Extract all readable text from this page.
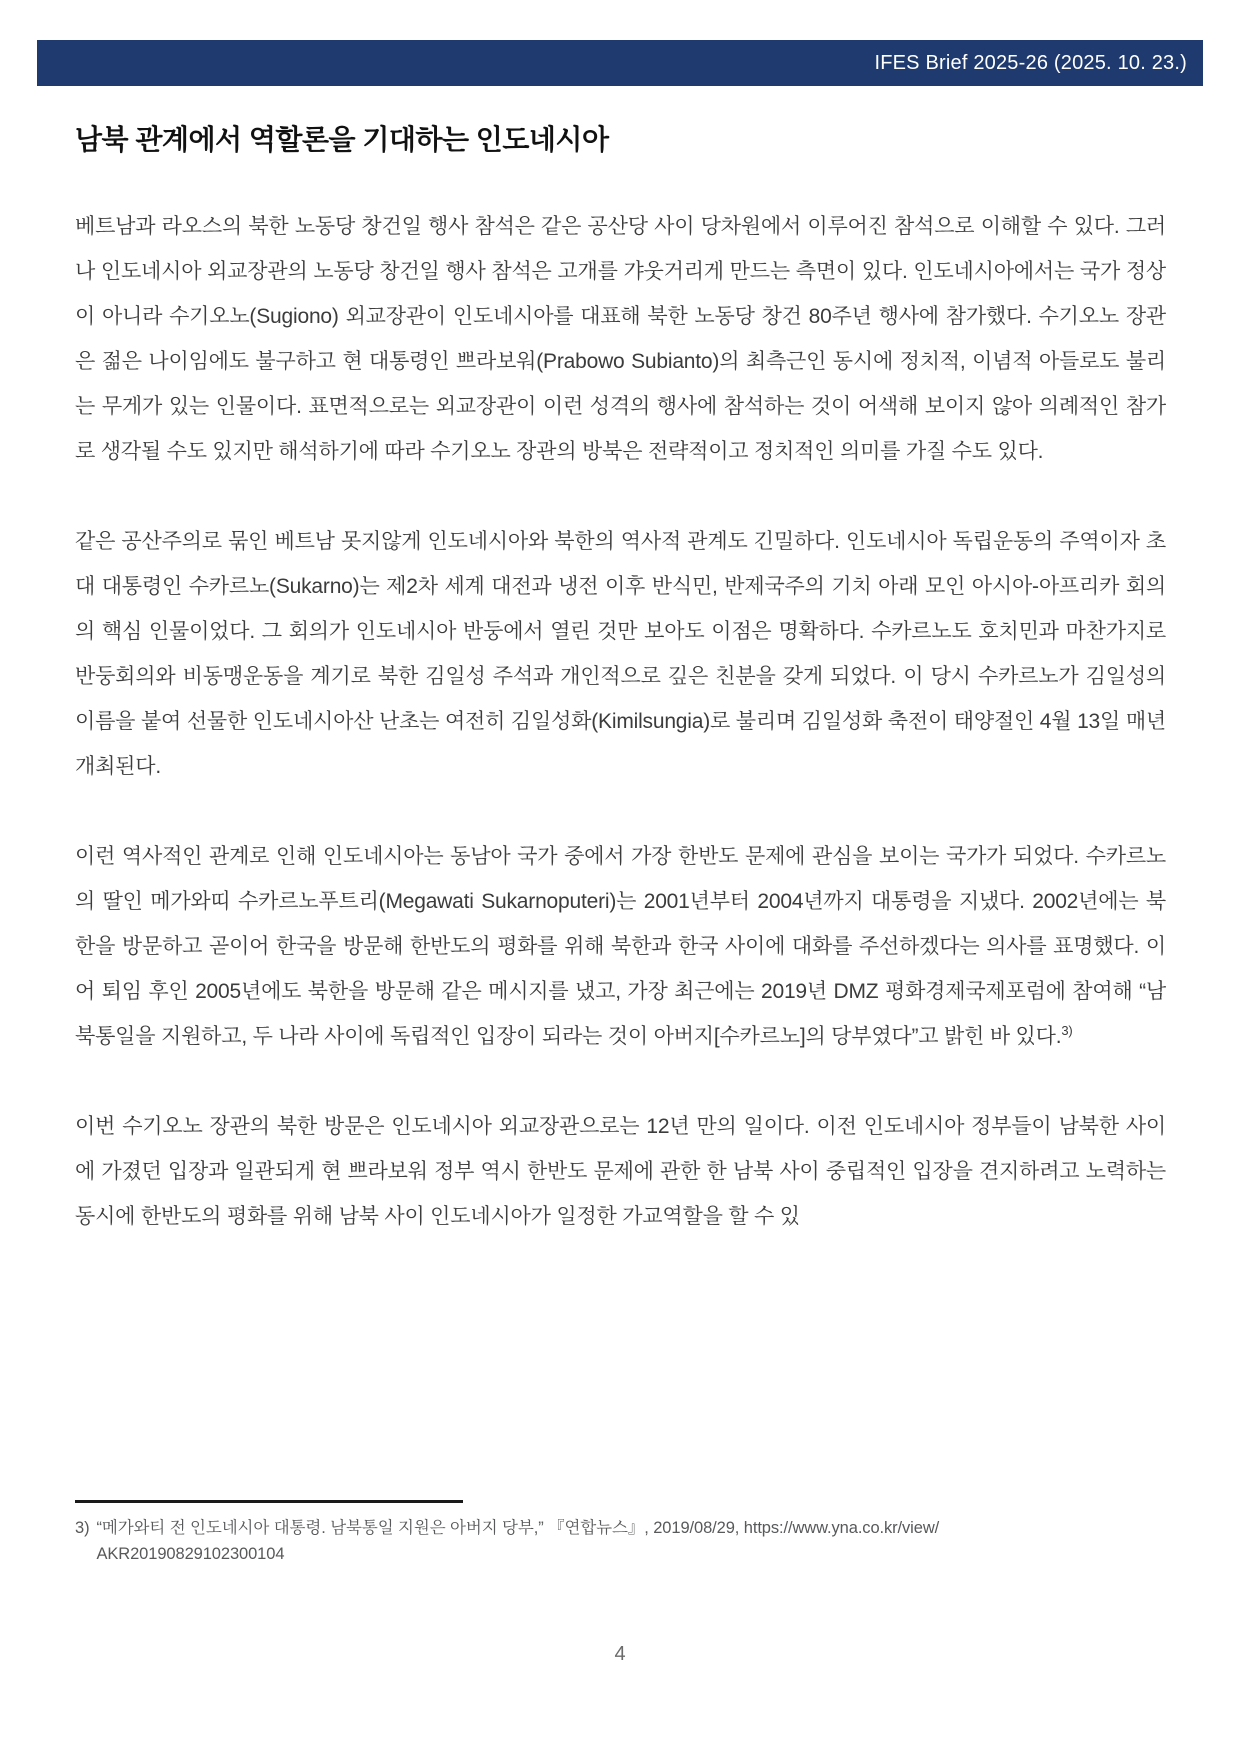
IFES Brief 2025-26 (2025. 10. 23.)
남북 관계에서 역할론을 기대하는 인도네시아

베트남과 라오스의 북한 노동당 창건일 행사 참석은 같은 공산당 사이 당차원에서 이루어진 참석으로 이해할 수 있다. 그러나 인도네시아 외교장관의 노동당 창건일 행사 참석은 고개를 갸웃거리게 만드는 측면이 있다. 인도네시아에서는 국가 정상이 아니라 수기오노(Sugiono) 외교장관이 인도네시아를 대표해 북한 노동당 창건 80주년 행사에 참가했다. 수기오노 장관은 젊은 나이임에도 불구하고 현 대통령인 쁘라보워(Prabowo Subianto)의 최측근인 동시에 정치적, 이념적 아들로도 불리는 무게가 있는 인물이다. 표면적으로는 외교장관이 이런 성격의 행사에 참석하는 것이 어색해 보이지 않아 의례적인 참가로 생각될 수도 있지만 해석하기에 따라 수기오노 장관의 방북은 전략적이고 정치적인 의미를 가질 수도 있다.

같은 공산주의로 묶인 베트남 못지않게 인도네시아와 북한의 역사적 관계도 긴밀하다. 인도네시아 독립운동의 주역이자 초대 대통령인 수카르노(Sukarno)는 제2차 세계 대전과 냉전 이후 반식민, 반제국주의 기치 아래 모인 아시아-아프리카 회의의 핵심 인물이었다. 그 회의가 인도네시아 반둥에서 열린 것만 보아도 이점은 명확하다. 수카르노도 호치민과 마찬가지로 반둥회의와 비동맹운동을 계기로 북한 김일성 주석과 개인적으로 깊은 친분을 갖게 되었다. 이 당시 수카르노가 김일성의 이름을 붙여 선물한 인도네시아산 난초는 여전히 김일성화(Kimilsungia)로 불리며 김일성화 축전이 태양절인 4월 13일 매년 개최된다.

이런 역사적인 관계로 인해 인도네시아는 동남아 국가 중에서 가장 한반도 문제에 관심을 보이는 국가가 되었다. 수카르노의 딸인 메가와띠 수카르노푸트리(Megawati Sukarnoputeri)는 2001년부터 2004년까지 대통령을 지냈다. 2002년에는 북한을 방문하고 곧이어 한국을 방문해 한반도의 평화를 위해 북한과 한국 사이에 대화를 주선하겠다는 의사를 표명했다. 이어 퇴임 후인 2005년에도 북한을 방문해 같은 메시지를 냈고, 가장 최근에는 2019년 DMZ 평화경제국제포럼에 참여해 “남북통일을 지원하고, 두 나라 사이에 독립적인 입장이 되라는 것이 아버지[수카르노]의 당부였다”고 밝힌 바 있다.$^{3)}$

이번 수기오노 장관의 북한 방문은 인도네시아 외교장관으로는 12년 만의 일이다. 이전 인도네시아 정부들이 남북한 사이에 가졌던 입장과 일관되게 현 쁘라보워 정부 역시 한반도 문제에 관한 한 남북 사이 중립적인 입장을 견지하려고 노력하는 동시에 한반도의 평화를 위해 남북 사이 인도네시아가 일정한 가교역할을 할 수 있

3) “메가와티 전 인도네시아 대통령. 남북통일 지원은 아버지 당부,” 『연합뉴스』, 2019/08/29, https://www.yna.co.kr/view/
AKR20190829102300104
4
